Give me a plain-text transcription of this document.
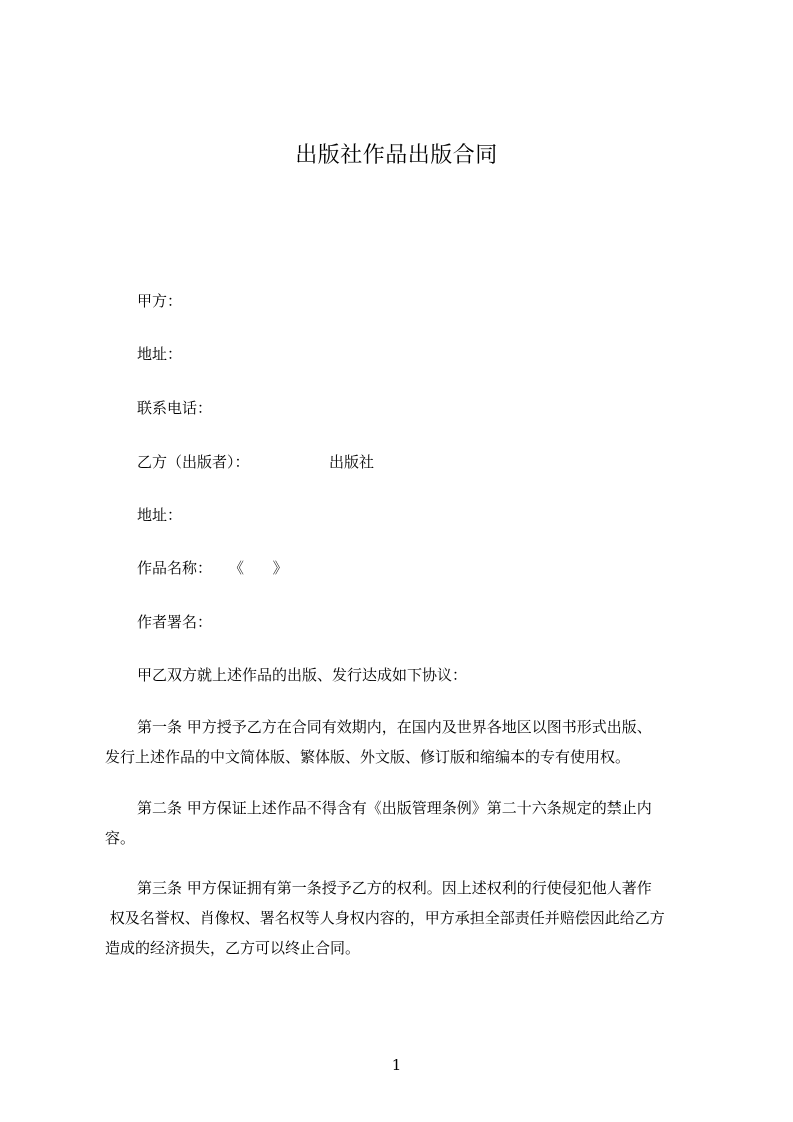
出版社作品出版合同
甲方：
地址：
联系电话：
乙方（出版者）：	出版社
地址：
作品名称： 《      》
作者署名：
甲乙双方就上述作品的出版、发行达成如下协议：
第一条 甲方授予乙方在合同有效期内，在国内及世界各地区以图书形式出版、
发行上述作品的中文简体版、繁体版、外文版、修订版和缩编本的专有使用权。
第二条 甲方保证上述作品不得含有《出版管理条例》第二十六条规定的禁止内
容。
第三条 甲方保证拥有第一条授予乙方的权利。因上述权利的行使侵犯他人著作
权及名誉权、肖像权、署名权等人身权内容的，甲方承担全部责任并赔偿因此给乙方
造成的经济损失，乙方可以终止合同。
1
